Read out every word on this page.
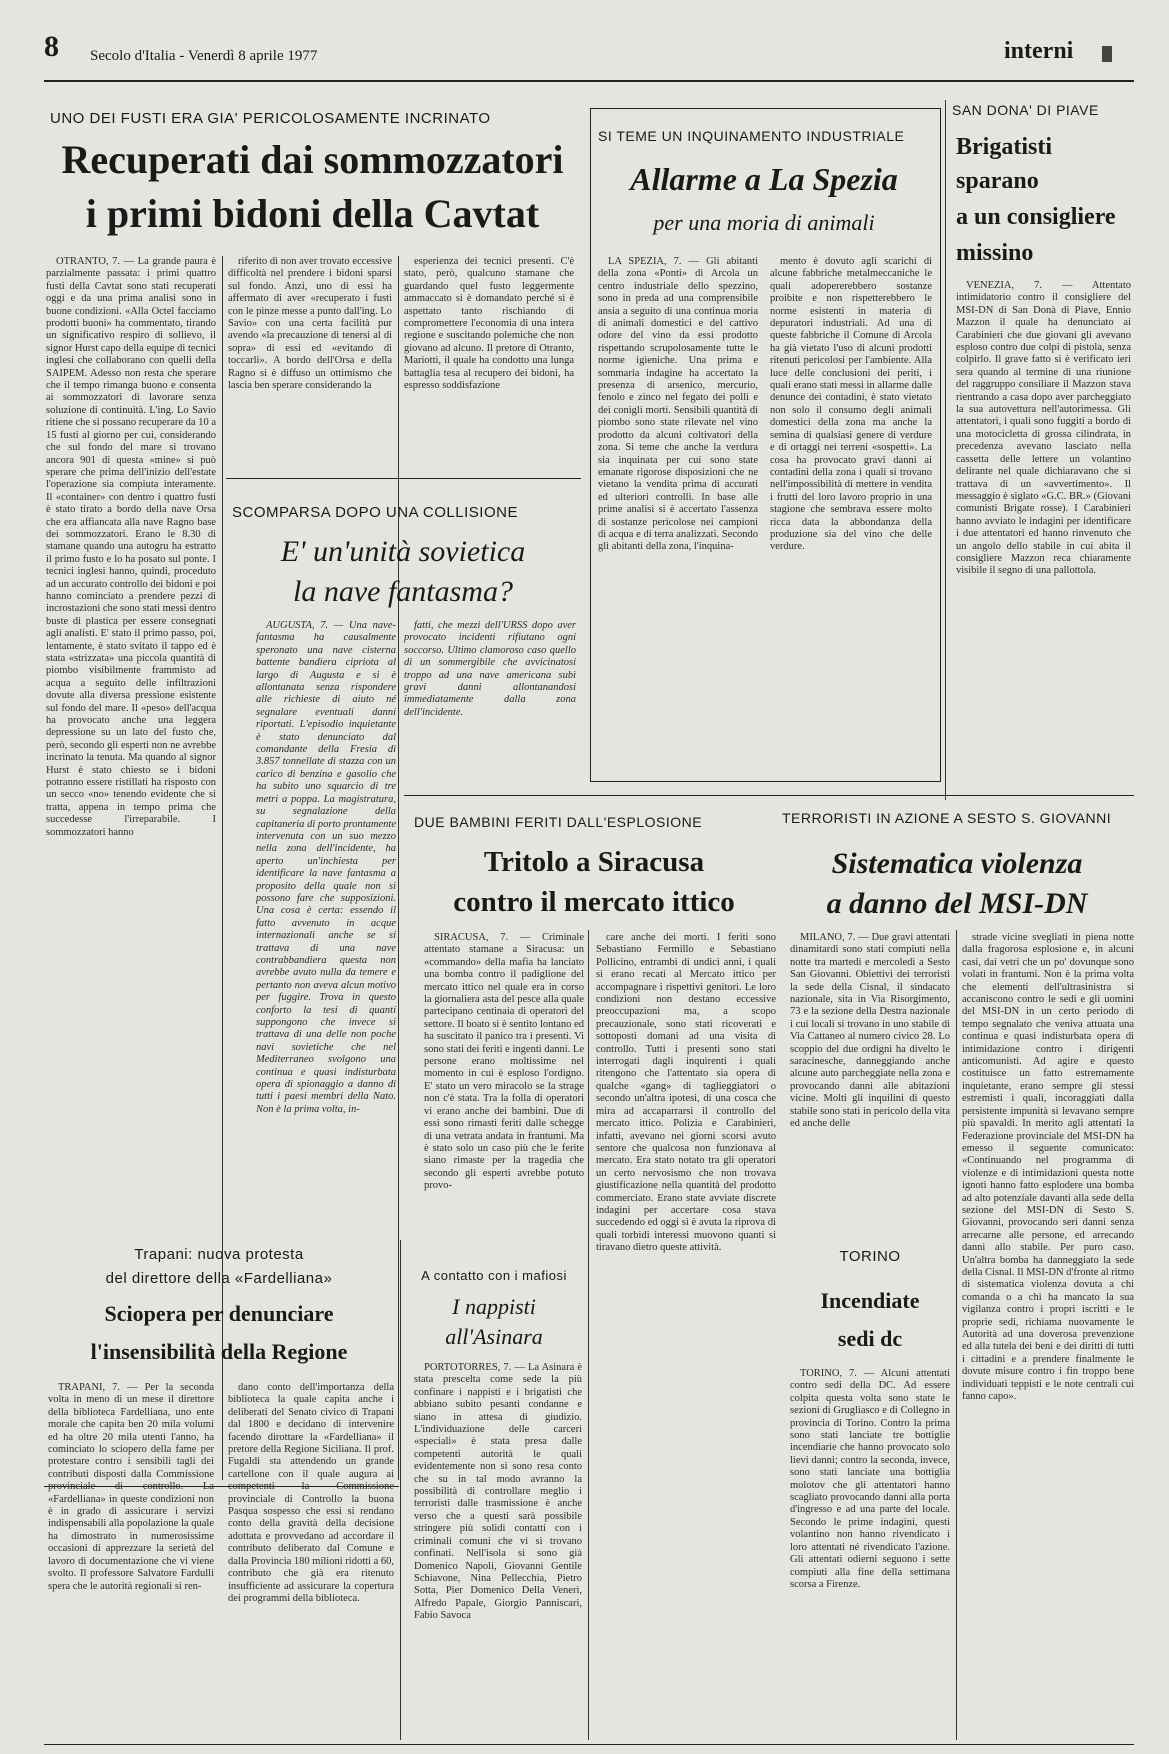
8 Secolo d'Italia - Venerdì 8 aprile 1977	interni
UNO DEI FUSTI ERA GIA' PERICOLOSAMENTE INCRINATO
Recuperati dai sommozzatori
i primi bidoni della Cavtat

OTRANTO, 7. — La grande paura è parzialmente passata: i primi quattro fusti della Cavtat sono stati recuperati oggi e da una prima analisi sono in buone condizioni. «Alla Octel facciamo prodotti buoni» ha commentato, tirando un significativo respiro di sollievo, il signor Hurst capo della equipe di tecnici inglesi che collaborano con quelli della SAIPEM. Adesso non resta che sperare che il tempo rimanga buono e consenta ai sommozzatori di lavorare senza soluzione di continuità. L'ing. Lo Savio ritiene che si possano recuperare da 10 a 15 fusti al giorno per cui, considerando che sul fondo del mare si trovano ancora 901 di questa «mine» si può sperare che prima dell'inizio dell'estate l'operazione sia compiuta interamente. Il «container» con dentro i quattro fusti è stato tirato a bordo della nave Orsa che era affiancata alla nave Ragno base dei sommozzatori. Erano le 8.30 di stamane quando una autogru ha estratto il primo fusto e lo ha posato sul ponte. I tecnici inglesi hanno, quindi, proceduto ad un accurato controllo dei bidoni e poi hanno cominciato a prendere pezzi di incrostazioni che sono stati messi dentro buste di plastica per essere consegnati agli analisti. E' stato il primo passo, poi, lentamente, è stato svitato il tappo ed è stata «strizzata» una piccola quantità di piombo visibilmente frammisto ad acqua a seguito delle infiltrazioni dovute alla diversa pressione esistente sul fondo del mare. Il «peso» dell'acqua ha provocato anche una leggera depressione su un lato del fusto che, però, secondo gli esperti non ne avrebbe incrinato la tenuta. Ma quando al signor Hurst è stato chiesto se i bidoni potranno essere ristillati ha risposto con un secco «no» tenendo evidente che si tratta, appena in tempo prima che succedesse l'irreparabile. I sommozzatori hanno

riferito di non aver trovato eccessive difficoltà nel prendere i bidoni sparsi sul fondo. Anzi, uno di essi ha affermato di aver «recuperato i fusti con le pinze messe a punto dall'ing. Lo Savio» con una certa facilità pur avendo «la precauzione di tenersi al di sopra» di essi ed «evitando di toccarli». A bordo dell'Orsa e della Ragno si è diffuso un ottimismo che lascia ben sperare considerando la

esperienza dei tecnici presenti. C'è stato, però, qualcuno stamane che guardando quel fusto leggermente ammaccato si è domandato perché si è aspettato tanto rischiando di compromettere l'economia di una intera regione e suscitando polemiche che non giovano ad alcuno. Il pretore di Otranto, Mariotti, il quale ha condotto una lunga battaglia tesa al recupero dei bidoni, ha espresso soddisfazione

SI TEME UN INQUINAMENTO INDUSTRIALE
Allarme a La Spezia
per una moria di animali

LA SPEZIA, 7. — Gli abitanti della zona «Ponti» di Arcola un centro industriale dello spezzino, sono in preda ad una comprensibile ansia a seguito di una continua moria di animali domestici e del cattivo odore del vino da essi prodotto rispettando scrupolosamente tutte le norme igieniche. Una prima e sommaria indagine ha accertato la presenza di arsenico, mercurio, fenolo e zinco nel fegato dei polli e dei conigli morti. Sensibili quantità di piombo sono state rilevate nel vino prodotto da alcuni coltivatori della zona. Si teme che anche la verdura sia inquinata per cui sono state emanate rigorose disposizioni che ne vietano la vendita prima di accurati ed ulteriori controlli. In base alle prime analisi si è accertato l'assenza di sostanze pericolose nei campioni di acqua e di terra analizzati. Secondo gli abitanti della zona, l'inquina-

mento è dovuto agli scarichi di alcune fabbriche metalmeccaniche le quali adopererebbero sostanze proibite e non rispetterebbero le norme esistenti in materia di depuratori industriali. Ad una di queste fabbriche il Comune di Arcola ha già vietato l'uso di alcuni prodotti ritenuti pericolosi per l'ambiente. Alla luce delle conclusioni dei periti, i quali erano stati messi in allarme dalle denunce dei contadini, è stato vietato non solo il consumo degli animali domestici della zona ma anche la semina di qualsiasi genere di verdure e di ortaggi nei terreni «sospetti». La cosa ha provocato gravi danni ai contadini della zona i quali si trovano nell'impossibilità di mettere in vendita i frutti del loro lavoro proprio in una stagione che sembrava essere molto ricca data la abbondanza della produzione sia del vino che delle verdure.

SAN DONA' DI PIAVE
Brigatisti
sparano
a un consigliere
missino

VENEZIA, 7. — Attentato intimidatorio contro il consigliere del MSI-DN di San Donà di Piave, Ennio Mazzon il quale ha denunciato ai Carabinieri che due giovani gli avevano esploso contro due colpi di pistola, senza colpirlo. Il grave fatto si è verificato ieri sera quando al termine di una riunione del raggruppo consiliare il Mazzon stava rientrando a casa dopo aver parcheggiato la sua autovettura nell'autorimessa. Gli attentatori, i quali sono fuggiti a bordo di una motocicletta di grossa cilindrata, in precedenza avevano lasciato nella cassetta delle lettere un volantino delirante nel quale dichiaravano che si trattava di un «avvertimento». Il messaggio è siglato «G.C. BR.» (Giovani comunisti Brigate rosse). I Carabinieri hanno avviato le indagini per identificare i due attentatori ed hanno rinvenuto che un angolo dello stabile in cui abita il consigliere Mazzon reca chiaramente visibile il segno di una pallottola.

SCOMPARSA DOPO UNA COLLISIONE
E' un'unità sovietica
la nave fantasma?

AUGUSTA, 7. — Una nave-fantasma ha causalmente speronato una nave cisterna battente bandiera cipriota al largo di Augusta e si è allontanata senza rispondere alle richieste di aiuto né segnalare eventuali danni riportati. L'episodio inquietante è stato denunciato dal comandante della Fresia di 3.857 tonnellate di stazza con un carico di benzina e gasolio che ha subito uno squarcio di tre metri a poppa. La magistratura, su segnalazione della capitaneria di porto prontamente intervenuta con un suo mezzo nella zona dell'incidente, ha aperto un'inchiesta per identificare la nave fantasma a proposito della quale non si possono fare che supposizioni. Una cosa è certa: essendo il fatto avvenuto in acque internazionali anche se si trattava di una nave contrabbandiera questa non avrebbe avuto nulla da temere e pertanto non aveva alcun motivo per fuggire. Trova in questo conforto la tesi di quanti suppongono che invece si trattava di una delle non poche navi sovietiche che nel Mediterraneo svolgono una continua e quasi indisturbata opera di spionaggio a danno di tutti i paesi membri della Nato. Non è la prima volta, in-

fatti, che mezzi dell'URSS dopo aver provocato incidenti rifiutano ogni soccorso. Ultimo clamoroso caso quello di un sommergibile che avvicinatosi troppo ad una nave americana subì gravi danni allontanandosi immediatamente dalla zona dell'incidente.

DUE BAMBINI FERITI DALL'ESPLOSIONE
Tritolo a Siracusa
contro il mercato ittico

SIRACUSA, 7. — Criminale attentato stamane a Siracusa: un «commando» della mafia ha lanciato una bomba contro il padiglione del mercato ittico nel quale era in corso la giornaliera asta del pesce alla quale partecipano centinaia di operatori del settore. Il boato si è sentito lontano ed ha suscitato il panico tra i presenti. Vi sono stati dei feriti e ingenti danni. Le persone erano moltissime nel momento in cui è esploso l'ordigno. E' stato un vero miracolo se la strage non c'è stata. Tra la folla di operatori vi erano anche dei bambini. Due di essi sono rimasti feriti dalle schegge di una vetrata andata in frantumi. Ma è stato solo un caso più che le ferite siano rimaste per la tragedia che secondo gli esperti avrebbe potuto provo-

care anche dei morti. I feriti sono Sebastiano Fermillo e Sebastiano Pollicino, entrambi di undici anni, i quali si erano recati al Mercato ittico per accompagnare i rispettivi genitori. Le loro condizioni non destano eccessive preoccupazioni ma, a scopo precauzionale, sono stati ricoverati e sottoposti domani ad una visita di controllo. Tutti i presenti sono stati interrogati dagli inquirenti i quali ritengono che l'attentato sia opera di qualche «gang» di taglieggiatori o secondo un'altra ipotesi, di una cosca che mira ad accaparrarsi il controllo del mercato ittico. Polizia e Carabinieri, infatti, avevano nei giorni scorsi avuto sentore che qualcosa non funzionava al mercato. Era stato notato tra gli operatori un certo nervosismo che non trovava giustificazione nella quantità del prodotto commerciato. Erano state avviate discrete indagini per accertare cosa stava succedendo ed oggi si è avuta la riprova di quali torbidi interessi muovono quanti si tiravano dietro queste attività.

TERRORISTI IN AZIONE A SESTO S. GIOVANNI
Sistematica violenza
a danno del MSI-DN

MILANO, 7. — Due gravi attentati dinamitardi sono stati compiuti nella notte tra martedì e mercoledì a Sesto San Giovanni. Obiettivi dei terroristi la sede della Cisnal, il sindacato nazionale, sita in Via Risorgimento, 73 e la sezione della Destra nazionale i cui locali si trovano in uno stabile di Via Cattaneo al numero civico 28. Lo scoppio del due ordigni ha divelto le saracinesche, danneggiando anche alcune auto parcheggiate nella zona e provocando danni alle abitazioni vicine. Molti gli inquilini di questo stabile sono stati in pericolo della vita ed anche delle

strade vicine svegliati in piena notte dalla fragorosa esplosione e, in alcuni casi, dai vetri che un po' dovunque sono volati in frantumi. Non è la prima volta che elementi dell'ultrasinistra si accaniscono contro le sedi e gli uomini del MSI-DN in un certo periodo di tempo segnalato che veniva attuata una continua e quasi indisturbata opera di intimidazione contro i dirigenti anticomunisti. Ad agire e questo costituisce un fatto estremamente inquietante, erano sempre gli stessi estremisti i quali, incoraggiati dalla persistente impunità si levavano sempre più spavaldi. In merito agli attentati la Federazione provinciale del MSI-DN ha emesso il seguente comunicato: «Continuando nel programma di violenze e di intimidazioni questa notte ignoti hanno fatto esplodere una bomba ad alto potenziale davanti alla sede della sezione del MSI-DN di Sesto S. Giovanni, provocando seri danni senza arrecarne alle persone, ed arrecando danni allo stabile. Per puro caso. Un'altra bomba ha danneggiato la sede della Cisnal. Il MSI-DN d'fronte al ritmo di sistematica violenza dovuta a chi comanda o a chi ha mancato la sua vigilanza contro i propri iscritti e le proprie sedi, richiama nuovamente le Autorità ad una doverosa prevenzione ed alla tutela dei beni e dei diritti di tutti i cittadini e a prendere finalmente le dovute misure contro i fin troppo bene individuati teppisti e le note centrali cui fanno capo».

TORINO
Incendiate
sedi dc

TORINO, 7. — Alcuni attentati contro sedi della DC. Ad essere colpita questa volta sono state le sezioni di Grugliasco e di Collegno in provincia di Torino. Contro la prima sono stati lanciate tre bottiglie incendiarie che hanno provocato solo lievi danni; contro la seconda, invece, sono stati lanciate una bottiglia molotov che gli attentatori hanno scagliato provocando danni alla porta d'ingresso e ad una parte del locale. Secondo le prime indagini, questi volantino non hanno rivendicato i loro attentati né rivendicato l'azione. Gli attentati odierni seguono i sette compiuti alla fine della settimana scorsa a Firenze.

Trapani: nuova protesta
del direttore della «Fardelliana»
Sciopera per denunciare
l'insensibilità della Regione

TRAPANI, 7. — Per la seconda volta in meno di un mese il direttore della biblioteca Fardelliana, uno ente morale che capita ben 20 mila volumi ed ha oltre 20 mila utenti l'anno, ha cominciato lo sciopero della fame per protestare contro i sensibili tagli dei contributi disposti dalla Commissione provinciale di controllo. La «Fardelliana» in queste condizioni non è in grado di assicurare i servizi indispensabili alla popolazione la quale ha dimostrato in numerosissime occasioni di apprezzare la serietà del lavoro di documentazione che vi viene svolto. Il professore Salvatore Fardulli spera che le autorità regionali si ren-

dano conto dell'importanza della biblioteca la quale capita anche i deliberati del Senato civico di Trapani dal 1800 e decidano di intervenire facendo dirottare la «Fardelliana» il pretore della Regione Siciliana. Il prof. Fugaldi sta attendendo un grande cartellone con il quale augura ai competenti la Commissione provinciale di Controllo la buona Pasqua sospesso che essi si rendano conto della gravità della decisione adottata e provvedano ad accordare il contributo deliberato dal Comune e dalla Provincia 180 milioni ridotti a 60, contributo che già era ritenuto insufficiente ad assicurare la copertura dei programmi della biblioteca.

A contatto con i mafiosi
I nappisti
all'Asinara

PORTOTORRES, 7. — La Asinara è stata prescelta come sede la più confinare i nappisti e i brigatisti che abbiano subito pesanti condanne e siano in attesa di giudizio. L'individuazione delle carceri «speciali» è stata presa dalle competenti autorità le quali evidentemente non si sono resa conto che su in tal modo avranno la possibilità di controllare meglio i terroristi dalle trasmissione è anche verso che a questi sarà possibile stringere più solidi contatti con i criminali comuni che vi si trovano confinati. Nell'isola si sono già Domenico Napoli, Giovanni Gentile Schiavone, Nina Pellecchia, Pietro Sotta, Pier Domenico Della Veneri, Alfredo Papale, Giorgio Panniscari, Fabio Savoca
